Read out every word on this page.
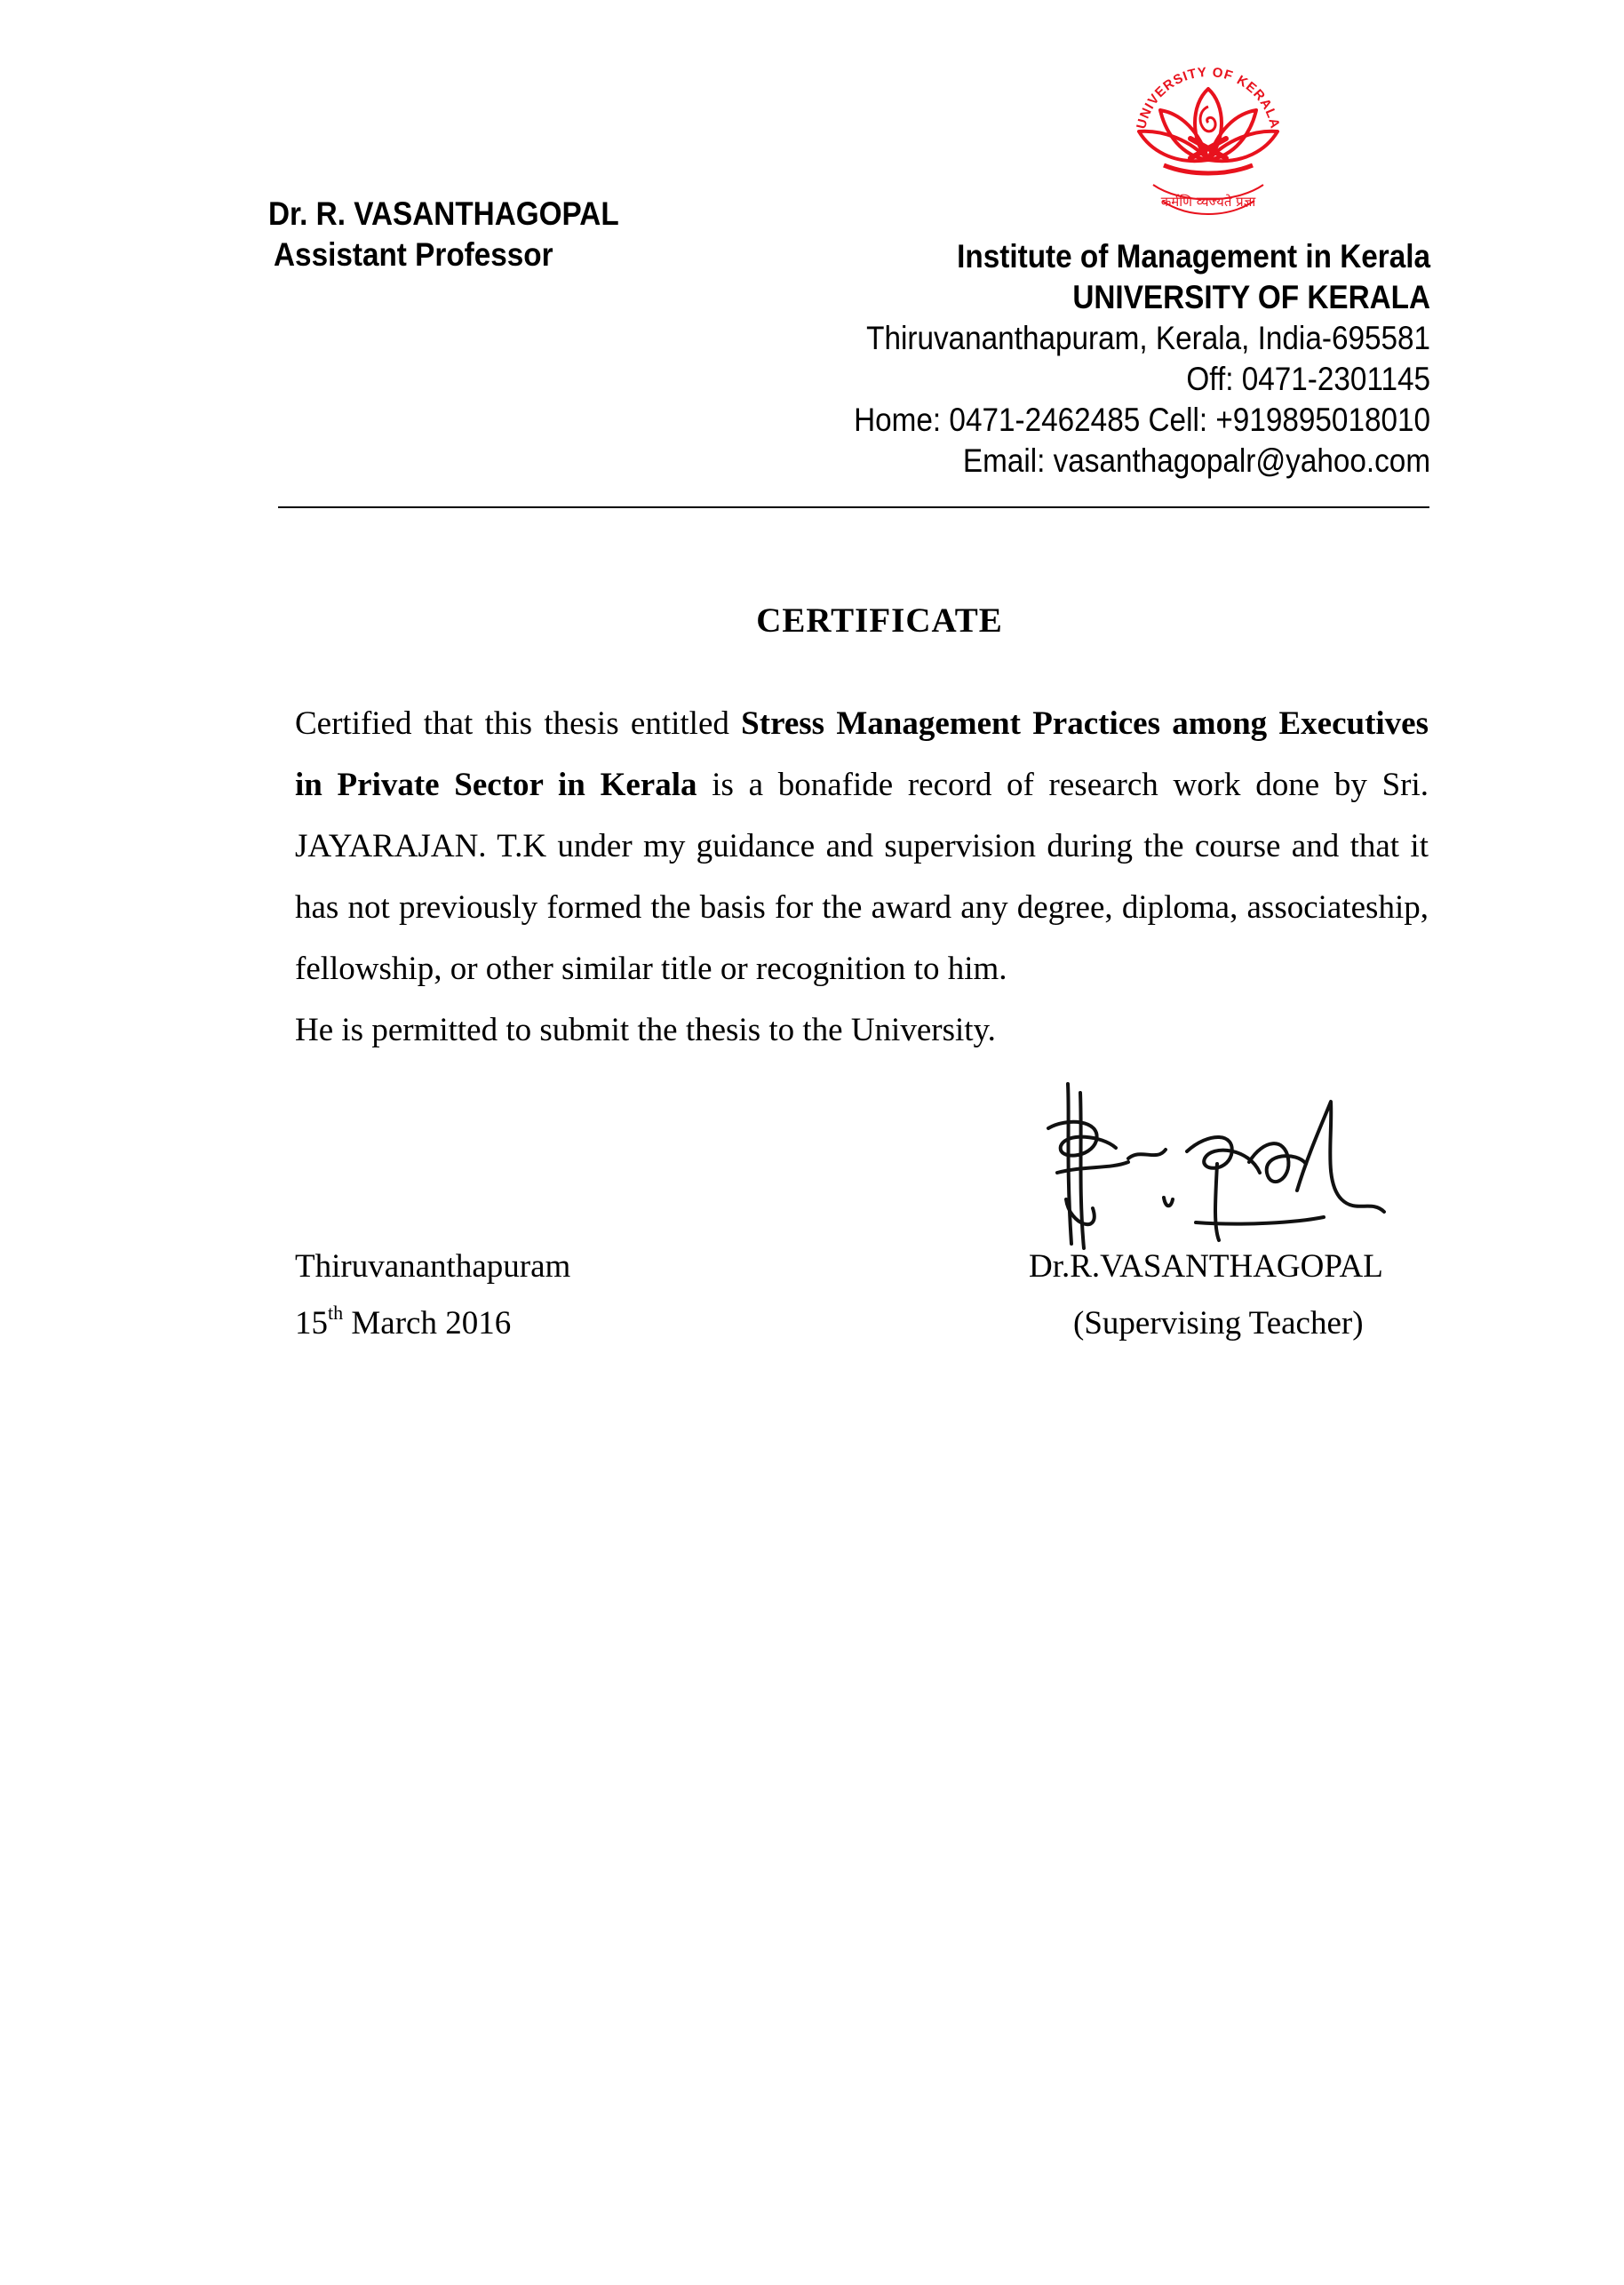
Dr. R. VASANTHAGOPAL
Assistant Professor
UNIVERSITY OF KERALA
कर्मणि व्यज्यते प्रज्ञा
Institute of Management in Kerala
UNIVERSITY OF KERALA
Thiruvananthapuram, Kerala, India-695581
Off: 0471-2301145
Home: 0471-2462485 Cell: +919895018010
Email: vasanthagopalr@yahoo.com
CERTIFICATE

Certified that this thesis entitled Stress Management Practices among Executives in Private Sector in Kerala is a bonafide record of research work done by Sri. JAYARAJAN. T.K under my guidance and supervision during the course and that it has not previously formed the basis for the award any degree, diploma, associateship, fellowship, or other similar title or recognition to him.

He is permitted to submit the thesis to the University.
Thiruvananthapuram
15th March 2016
Dr.R.VASANTHAGOPAL
(Supervising Teacher)
